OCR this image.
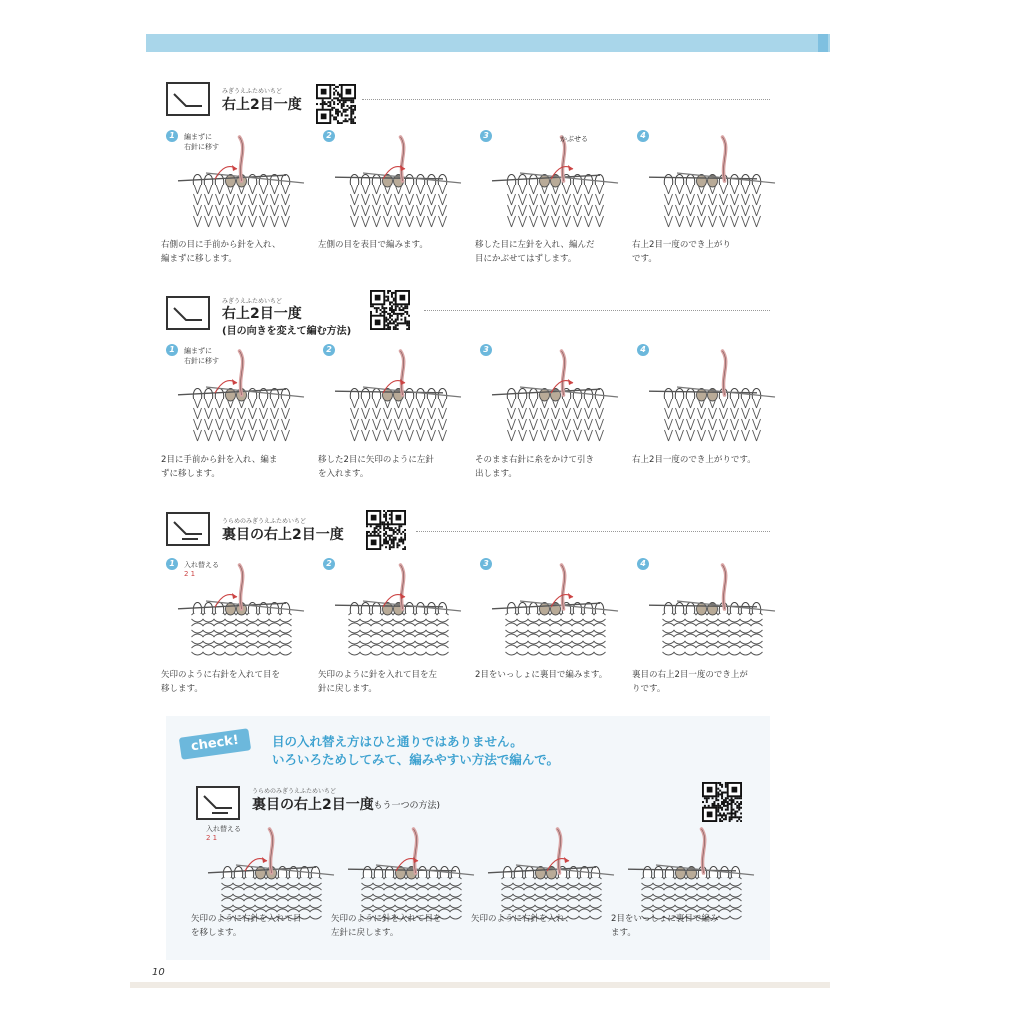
みぎうえふためいちど
右上2目一度
みぎうえふためいちど
右上2目一度
(目の向きを変えて編む方法)
うらめのみぎうえふためいちど
裏目の右上2目一度
1	編まずに
右針に移す
右側の目に手前から針を入れ、
編まずに移します。
2
左側の目を表目で編みます。
3	かぶせる
移した目に左針を入れ、編んだ
目にかぶせてはずします。
4
右上2目一度のでき上がり
です。
1	編まずに
右針に移す
2目に手前から針を入れ、編ま
ずに移します。
2
移した2目に矢印のように左針
を入れます。
3
そのまま右針に糸をかけて引き
出します。
4
右上2目一度のでき上がりです。
1	入れ替える
2 1
矢印のように右針を入れて目を
移します。
2
矢印のように針を入れて目を左
針に戻します。
3
2目をいっしょに裏目で編みます。
4
裏目の右上2目一度のでき上が
りです。
check!	目の入れ替え方はひと通りではありません。
いろいろためしてみて、編みやすい方法で編んで。
うらめのみぎうえふためいちど
裏目の右上2目一度
(もう一つの方法)
入れ替える
2 1
矢印のように右針を入れて目
を移します。
矢印のように針を入れて目を
左針に戻します。
矢印のように右針を入れ、	2目をいっしょに裏目で編み
ます。
10
